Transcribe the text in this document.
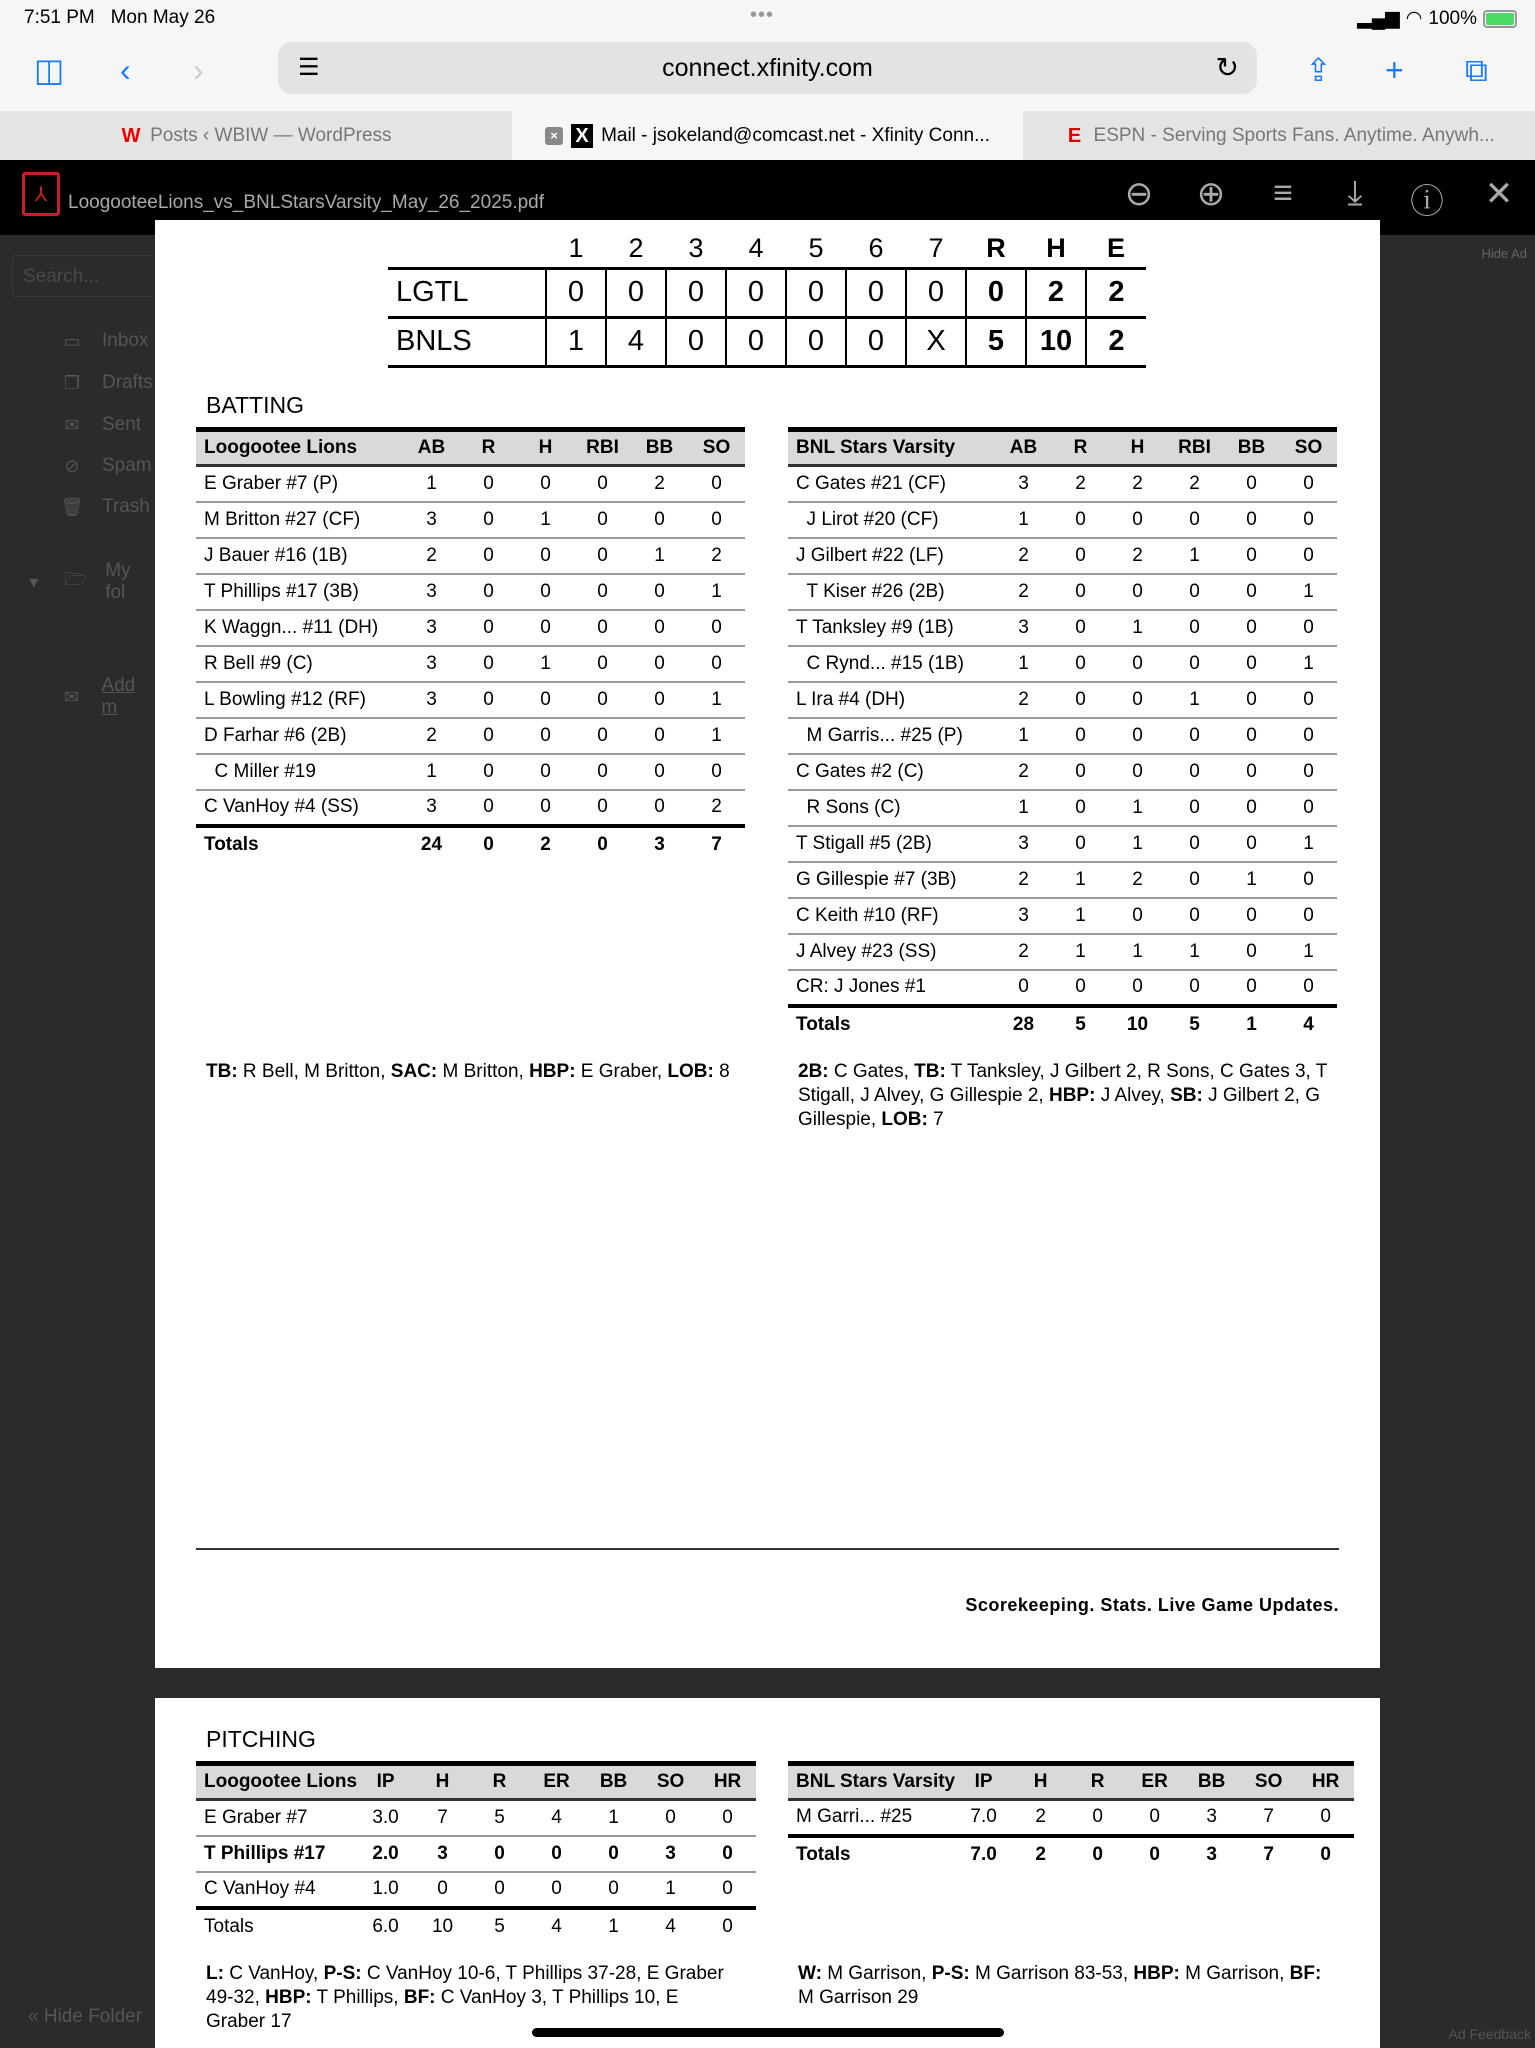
7:51 PM Mon May 26	•••	▂▄▆ ◠ 100%
◫ ‹ ›	☰	connect.xfinity.com	↻ ⇪ + ⧉
W Posts ‹ WBIW — WordPress	× X Mail - jsokeland@comcast.net - Xfinity Conn...	E ESPN - Serving Sports Fans. Anytime. Anywh...
Search...
▭ Inbox
❐ Drafts
✉ Sent
⊘ Spam
🗑 Trash
▾	🗁 My fol
✉
Add m
« Hide Folder
Hide Ad
Ad Feedback
⅄	LoogooteeLions_vs_BNLStarsVarsity_May_26_2025.pdf	⊖	⊕	≡	⤓	ⓘ	✕
	1	2	3	4	5	6	7	R	H	E
LGTL	0	0	0	0	0	0	0	0	2	2
BNLS	1	4	0	0	0	0	X	5	10	2
BATTING
Loogootee Lions	AB	R	H	RBI	BB	SO
E Graber #7 (P)	1	0	0	0	2	0
M Britton #27 (CF)	3	0	1	0	0	0
J Bauer #16 (1B)	2	0	0	0	1	2
T Phillips #17 (3B)	3	0	0	0	0	1
K Waggn... #11 (DH)	3	0	0	0	0	0
R Bell #9 (C)	3	0	1	0	0	0
L Bowling #12 (RF)	3	0	0	0	0	1
D Farhar #6 (2B)	2	0	0	0	0	1
C Miller #19	1	0	0	0	0	0
C VanHoy #4 (SS)	3	0	0	0	0	2
Totals	24	0	2	0	3	7
BNL Stars Varsity	AB	R	H	RBI	BB	SO
C Gates #21 (CF)	3	2	2	2	0	0
J Lirot #20 (CF)	1	0	0	0	0	0
J Gilbert #22 (LF)	2	0	2	1	0	0
T Kiser #26 (2B)	2	0	0	0	0	1
T Tanksley #9 (1B)	3	0	1	0	0	0
C Rynd... #15 (1B)	1	0	0	0	0	1
L Ira #4 (DH)	2	0	0	1	0	0
M Garris... #25 (P)	1	0	0	0	0	0
C Gates #2 (C)	2	0	0	0	0	0
R Sons (C)	1	0	1	0	0	0
T Stigall #5 (2B)	3	0	1	0	0	1
G Gillespie #7 (3B)	2	1	2	0	1	0
C Keith #10 (RF)	3	1	0	0	0	0
J Alvey #23 (SS)	2	1	1	1	0	1
CR: J Jones #1	0	0	0	0	0	0
Totals	28	5	10	5	1	4
TB: R Bell, M Britton, SAC: M Britton, HBP: E Graber, LOB: 8	2B: C Gates, TB: T Tanksley, J Gilbert 2, R Sons, C Gates 3, T Stigall, J Alvey, G Gillespie 2, HBP: J Alvey, SB: J Gilbert 2, G Gillespie, LOB: 7
Scorekeeping. Stats. Live Game Updates.
PITCHING
Loogootee Lions	IP	H	R	ER	BB	SO	HR
E Graber #7	3.0	7	5	4	1	0	0
T Phillips #17	2.0	3	0	0	0	3	0
C VanHoy #4	1.0	0	0	0	0	1	0
Totals	6.0	10	5	4	1	4	0
BNL Stars Varsity	IP	H	R	ER	BB	SO	HR
M Garri... #25	7.0	2	0	0	3	7	0
Totals	7.0	2	0	0	3	7	0
L: C VanHoy, P-S: C VanHoy 10-6, T Phillips 37-28, E Graber 49-32, HBP: T Phillips, BF: C VanHoy 3, T Phillips 10, E Graber 17
W: M Garrison, P-S: M Garrison 83-53, HBP: M Garrison, BF: M Garrison 29
